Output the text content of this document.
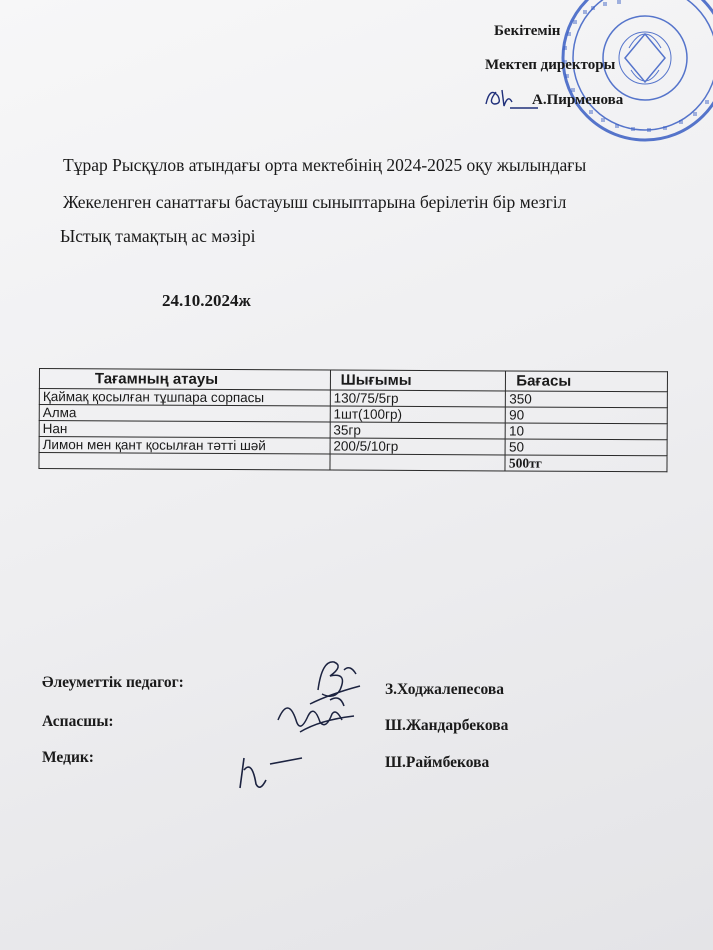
Бекітемін
Мектеп директоры
А.Пирменова
Тұрар Рысқұлов атындағы орта мектебінің 2024-2025 оқу жылындағы
Жекеленген санаттағы бастауыш сыныптарына берілетін бір мезгіл
Ыстық тамақтың ас мәзірі
24.10.2024ж
Тағамның атауы	Шығымы	Бағасы
Қаймақ қосылған тұшпара сорпасы	130/75/5гр	350
Алма	1шт(100гр)	90
Нан	35гр	10
Лимон мен қант қосылған тәтті шәй	200/5/10гр	50
		500тг
Әлеуметтік педагог:	З.Ходжалепесова
Аспасшы:	Ш.Жандарбекова
Медик:	Ш.Раймбекова
